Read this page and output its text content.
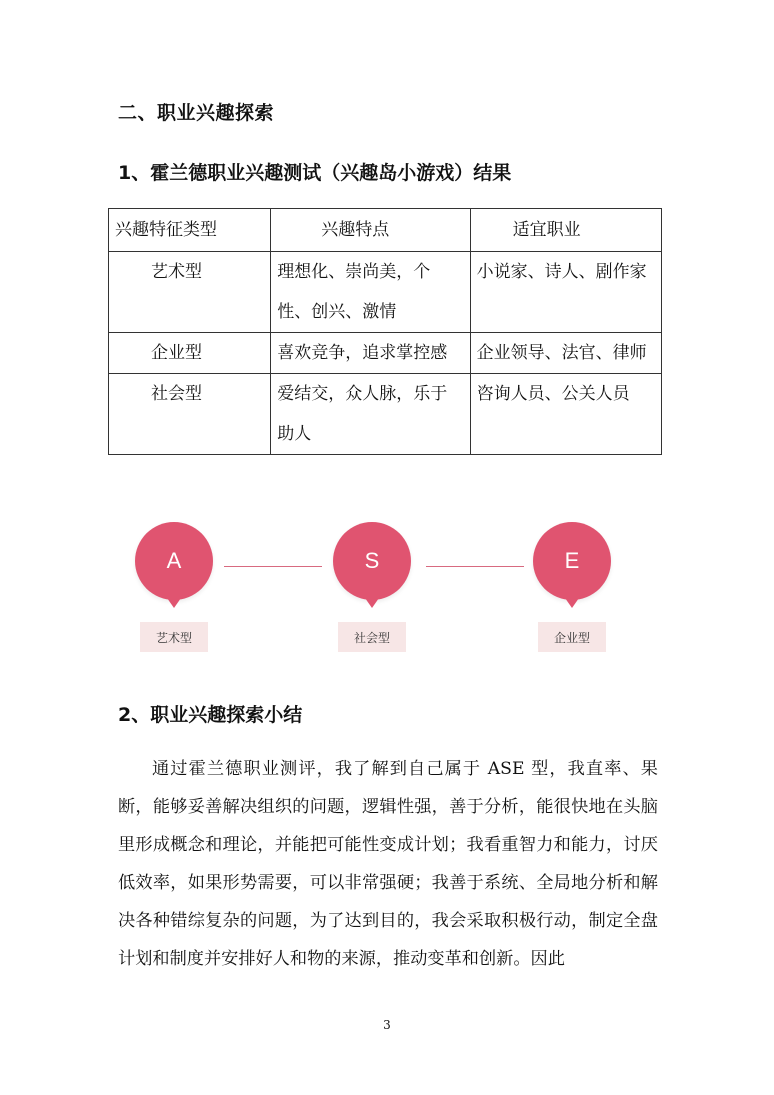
二、职业兴趣探索
1、霍兰德职业兴趣测试（兴趣岛小游戏）结果
兴趣特征类型	兴趣特点	适宜职业
艺术型	理想化、崇尚美，个性、创兴、激情	小说家、诗人、剧作家
企业型	喜欢竞争，追求掌控感	企业领导、法官、律师
社会型	爱结交，众人脉，乐于助人	咨询人员、公关人员
A
艺术型
S
社会型
E
企业型
2、职业兴趣探索小结

通过霍兰德职业测评，我了解到自己属于 ASE 型，我直率、果断，能够妥善解决组织的问题，逻辑性强，善于分析，能很快地在头脑里形成概念和理论，并能把可能性变成计划；我看重智力和能力，讨厌低效率，如果形势需要，可以非常强硬；我善于系统、全局地分析和解决各种错综复杂的问题，为了达到目的，我会采取积极行动，制定全盘计划和制度并安排好人和物的来源，推动变革和创新。因此

3
